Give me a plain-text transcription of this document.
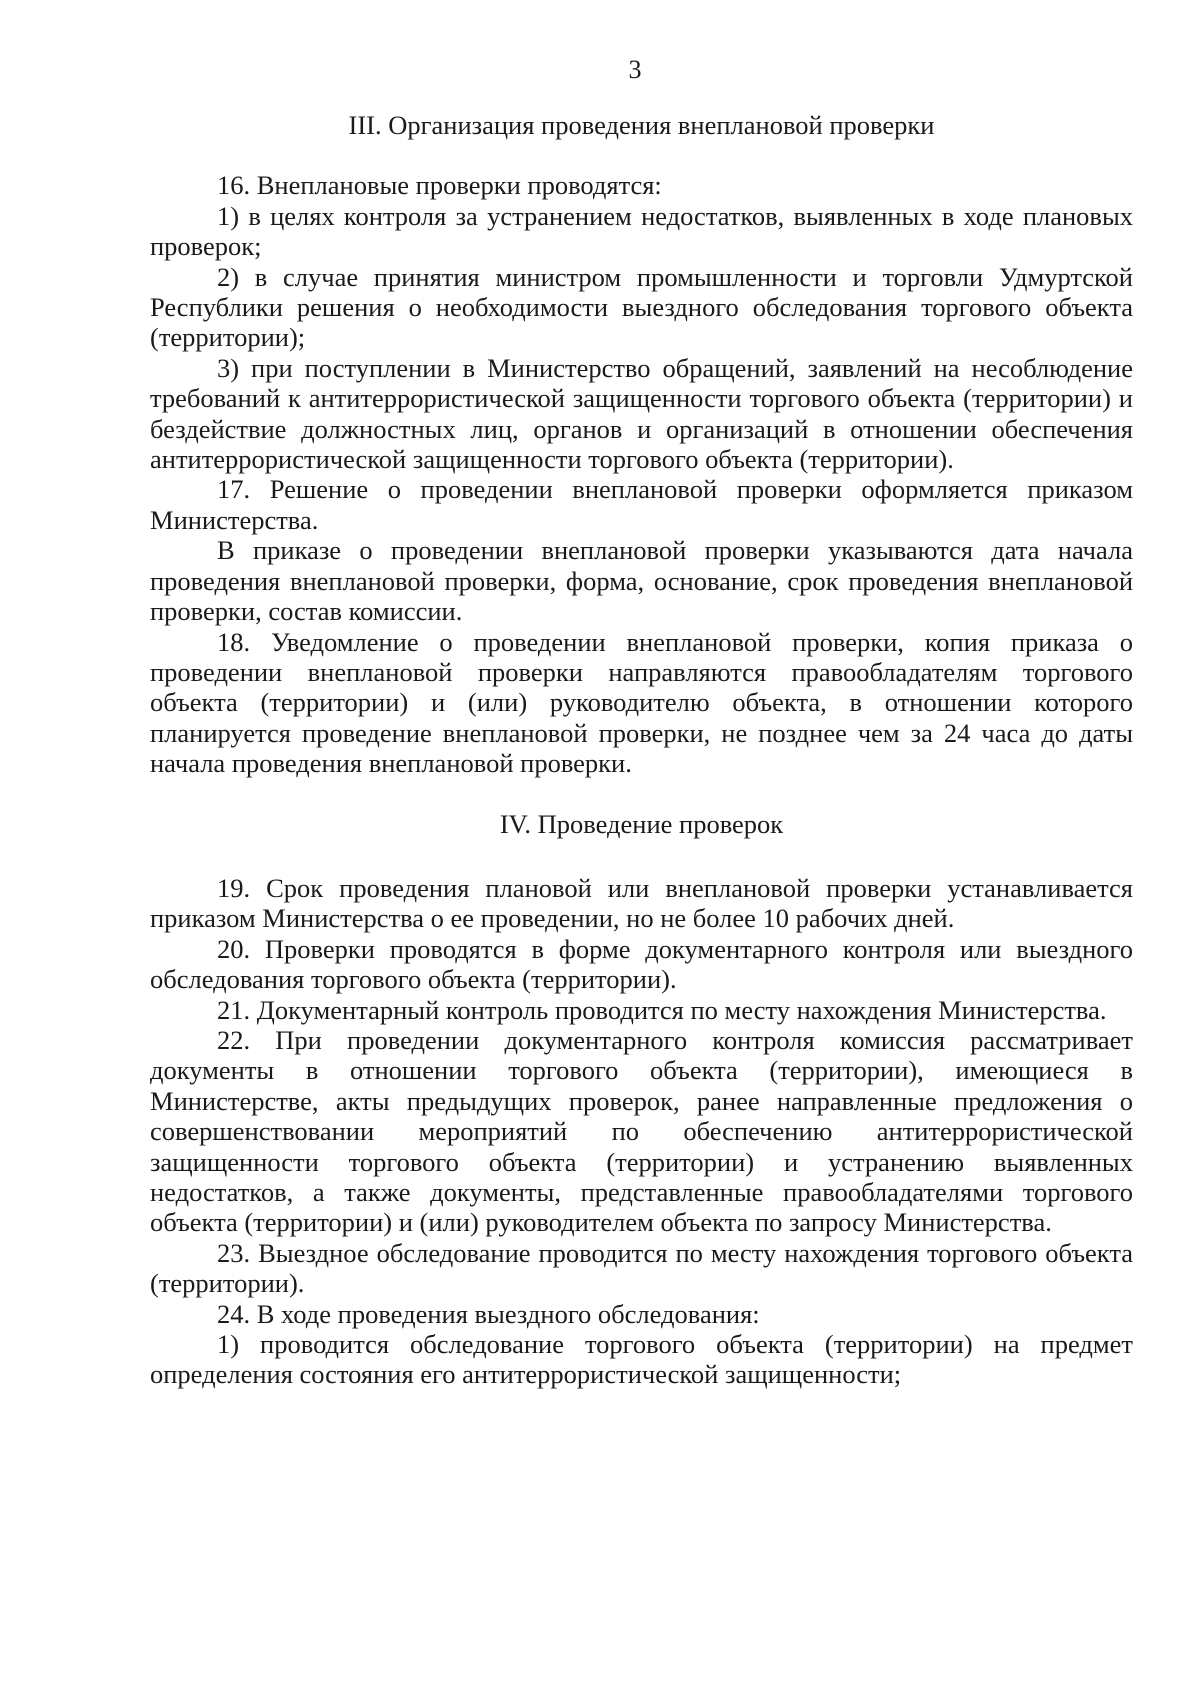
3
III. Организация проведения внеплановой проверки

16. Внеплановые проверки проводятся:

1) в целях контроля за устранением недостатков, выявленных в ходе плановых проверок;

2) в случае принятия министром промышленности и торговли Удмуртской Республики решения о необходимости выездного обследования торгового объекта (территории);

3) при поступлении в Министерство обращений, заявлений на несоблюдение требований к антитеррористической защищенности торгового объекта (территории) и бездействие должностных лиц, органов и организаций в отношении обеспечения антитеррористической защищенности торгового объекта (территории).

17. Решение о проведении внеплановой проверки оформляется приказом Министерства.

В приказе о проведении внеплановой проверки указываются дата начала проведения внеплановой проверки, форма, основание, срок проведения внеплановой проверки, состав комиссии.

18. Уведомление о проведении внеплановой проверки, копия приказа о проведении внеплановой проверки направляются правообладателям торгового объекта (территории) и (или) руководителю объекта, в отношении которого планируется проведение внеплановой проверки, не позднее чем за 24 часа до даты начала проведения внеплановой проверки.

IV. Проведение проверок

19. Срок проведения плановой или внеплановой проверки устанавливается приказом Министерства о ее проведении, но не более 10 рабочих дней.

20. Проверки проводятся в форме документарного контроля или выездного обследования торгового объекта (территории).

21. Документарный контроль проводится по месту нахождения Министерства.

22. При проведении документарного контроля комиссия рассматривает документы в отношении торгового объекта (территории), имеющиеся в Министерстве, акты предыдущих проверок, ранее направленные предложения о совершенствовании мероприятий по обеспечению антитеррористической защищенности торгового объекта (территории) и устранению выявленных недостатков, а также документы, представленные правообладателями торгового объекта (территории) и (или) руководителем объекта по запросу Министерства.

23. Выездное обследование проводится по месту нахождения торгового объекта (территории).

24. В ходе проведения выездного обследования:

1) проводится обследование торгового объекта (территории) на предмет определения состояния его антитеррористической защищенности;
